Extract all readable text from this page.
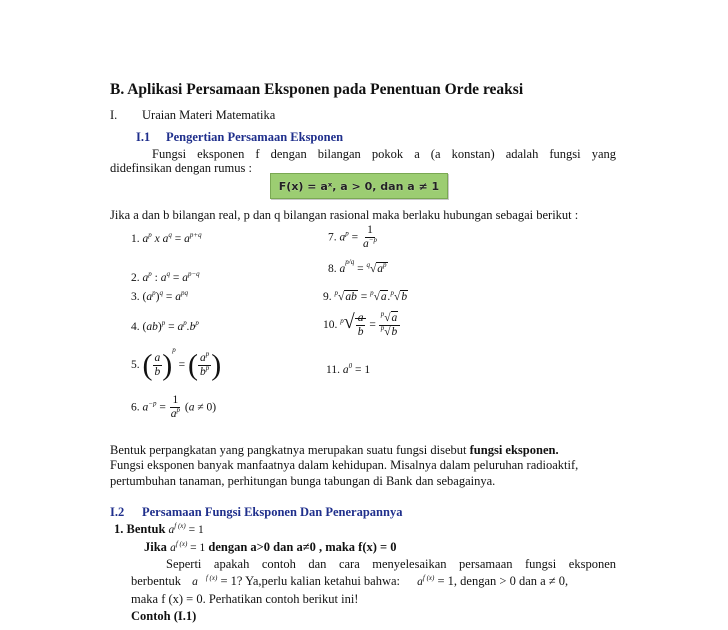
B. Aplikasi Persamaan Eksponen pada Penentuan Orde reaksi
I. Uraian Materi Matematika
I.1 Pengertian Persamaan Eksponen
Fungsi eksponen f dengan bilangan pokok a (a konstan) adalah fungsi yang
didefinsikan dengan rumus :
F(x) = aˣ, a > 0, dan a ≠ 1
Jika a dan b bilangan real, p dan q bilangan rasional maka berlaku hubungan sebagai berikut :
1. $a^p$ x $a^q = a^{p+q}$
2. $a^p$ : $a^q = a^{p-q}$
3. $(a^p)^q = a^{pq}$
4. $(ab)^p = a^p.b^p$
5. ( $\frac{a}{b} )^p$ = ( $\frac{a^p}{b^p}$ )
6. $a^{-p} = \frac{1}{a^p} (a \ne 0)$
7. $a^p = \frac{1}{a^{-p}}$
8. $a^{p/q} = ^q√a^p$
9. $^p$√ab = $^p$√a.$^p$√b
10. $^p√ \frac{a}{b} = \frac{^p√a}{^p√b}$
11. $a^0 = 1$
Bentuk perpangkatan yang pangkatnya merupakan suatu fungsi disebut fungsi eksponen.
Fungsi eksponen banyak manfaatnya dalam kehidupan. Misalnya dalam peluruhan radioaktif,
pertumbuhan tanaman, perhitungan bunga tabungan di Bank dan sebagainya.
I.2 Persamaan Fungsi Eksponen Dan Penerapannya
1. Bentuk $a^{f (x)} = 1$
Jika $a^{f (x)} = 1$ dengan a>0 dan a≠0 , maka f(x) = 0
Seperti apakah contoh dan cara menyelesaikan persamaan fungsi eksponen
berbentuk a $^{f (x)}$ = 1? Ya,perlu kalian ketahui bahwa: $a^{f (x)} = 1$, dengan > 0 dan a ≠ 0,
maka f (x) = 0. Perhatikan contoh berikut ini!
Contoh (I.1)
